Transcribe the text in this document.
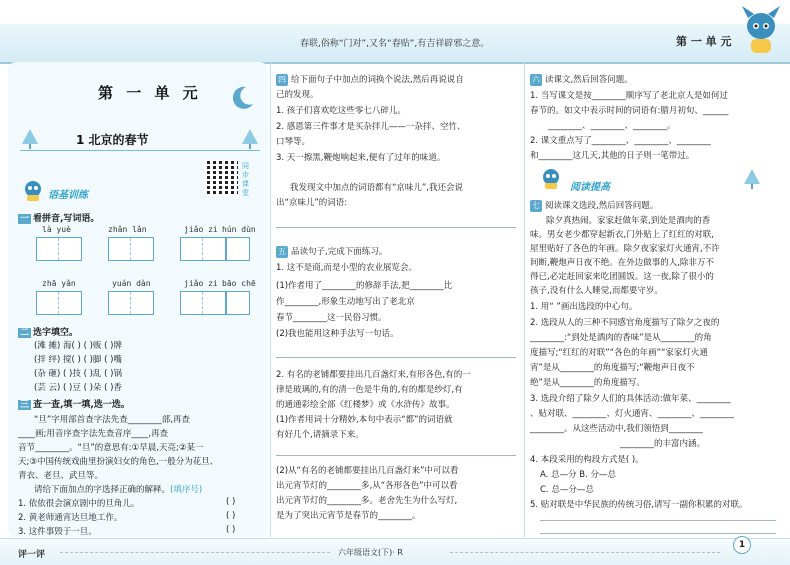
春联,俗称“门对”,又名“春贴”,有吉祥辟邪之意。	第 一 单 元
第 一 单 元
1 北京的春节
同步课堂
语基训练
一 看拼音,写词语。
là yuè	zhǎn lǎn	jiǎo zi hún dùn
zhā yǎn	yuán dàn	jiǎo zi bāo chē
二 选字填空。
(滩 摊) 海( ) ( )贩 ( )牌
(拌 绊) 搅( ) ( )脚 ( )嘴
(杂 砸) ( )技 ( )乱 ( )锅
(芸 云) ( )豆 ( )朵 ( )香
三 查一查,填一填,选一选。
“旦”字用部首查字法先查________部,再查
____画;用音序查字法先查音序____,再查
音节________。“旦”的意思有:①早晨,天亮;②某一
天;③中国传统戏曲里扮演妇女的角色,一般分为花旦、
青衣、老旦、武旦等。
请给下面加点的字选择正确的解释。(填序号)
1. 依依很会演京剧中的旦角儿。	( )
2. 黄老师通宵达旦地工作。	( )
3. 这件事毁于一旦。	( )
四 给下面句子中加点的词换个说法,然后再说说自
己的发现。
1. 孩子们喜欢吃这些零七八碎儿。
2. 感恩第三件事才是买杂拌儿——一杂拌、空竹、
口琴等。
3. 天一擦黑,鞭炮响起来,便有了过年的味道。
我发现文中加点的词语都有“京味儿”,我还会说
出“京味儿”的词语:
五 品读句子,完成下面练习。
1. 这不是商,而是小型的农业展览会。
(1)作者用了________的修辞手法,把________比
作________,形象生动地写出了老北京
春节________这一民俗习惯。
(2)我也能用这种手法写一句话。
2. 有名的老铺都要挂出几百盏灯来,有形各色,有的一
律是玻璃的,有的清一色是牛角的,有的都是纱灯,有
的通通彩绘全部《红楼梦》或《水浒传》故事。
(1)作者用词十分精妙,本句中表示“都”的词语就
有好几个,请摘录下来。
(2)从“有名的老铺都要挂出几百盏灯来”中可以看
出元宵节灯的________多,从“各形各色”中可以看
出元宵节灯的________多。老舍先生为什么写灯,
是为了突出元宵节是春节的________。
六 读课文,然后回答问题。
1. 当写课文是按________顺序写了老北京人是如何过
春节的。如文中表示时间的词语有:腊月初旬、______
________、________、________。
2. 课文重点写了________、________、________
和________这几天,其他的日子则一笔带过。
阅读提高
七 阅读课文选段,然后回答问题。
除夕真热闹。家家赶做年菜,到处是酒肉的香
味。男女老少都穿起新衣,门外贴上了红红的对联,
屋里贴好了各色的年画。除夕夜家家灯火通宵,不许
间断,鞭炮声日夜不绝。在外边做事的人,除非万不
得已,必定赶回家来吃团圆饭。这一夜,除了很小的
孩子,没有什么人睡觉,而都要守岁。
1. 用“ ”画出选段的中心句。
2. 选段从人的三种不同感官角度描写了除夕之夜的
________:“到处是酒肉的香味”是从________的角
度描写;“红红的对联”“各色的年画”“家家灯火通
宵”是从________的角度描写;“鞭炮声日夜不
绝”是从________的角度描写。
3. 选段介绍了除夕人们的具体活动:做年菜、________
、贴对联、________、灯火通宵、________、________
________。从这些活动中,我们领悟到________
________的丰富内涵。
4. 本段采用的构段方式是( )。
A. 总—分 B. 分—总
C. 总—分—总
5. 贴对联是中华民族的传统习俗,请写一副你积累的对联。
评一评	六年级语文(下)· R
1
